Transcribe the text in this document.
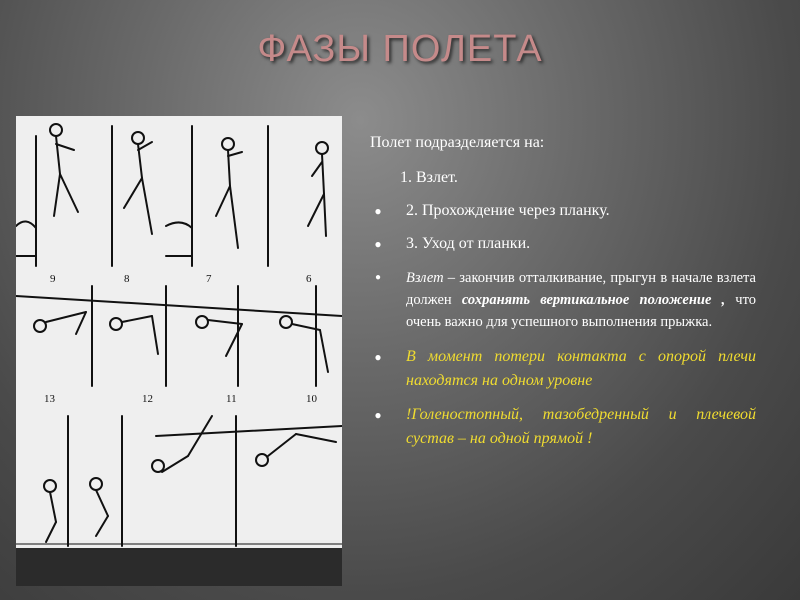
ФАЗЫ ПОЛЕТА
9	8	7	6
13	12	11	10

Полет подразделяется на:

1. Взлет.

● 2. Прохождение через планку.

● 3. Уход от планки.

●	Взлет – закончив отталкивание, прыгун в начале взлета должен сохранять вертикальное положение , что очень важно для успешного выполнения прыжка.

● В момент потери контакта с опорой плечи находятся на одном уровне

● !Голеностопный, тазобедренный и плечевой сустав – на одной прямой !
